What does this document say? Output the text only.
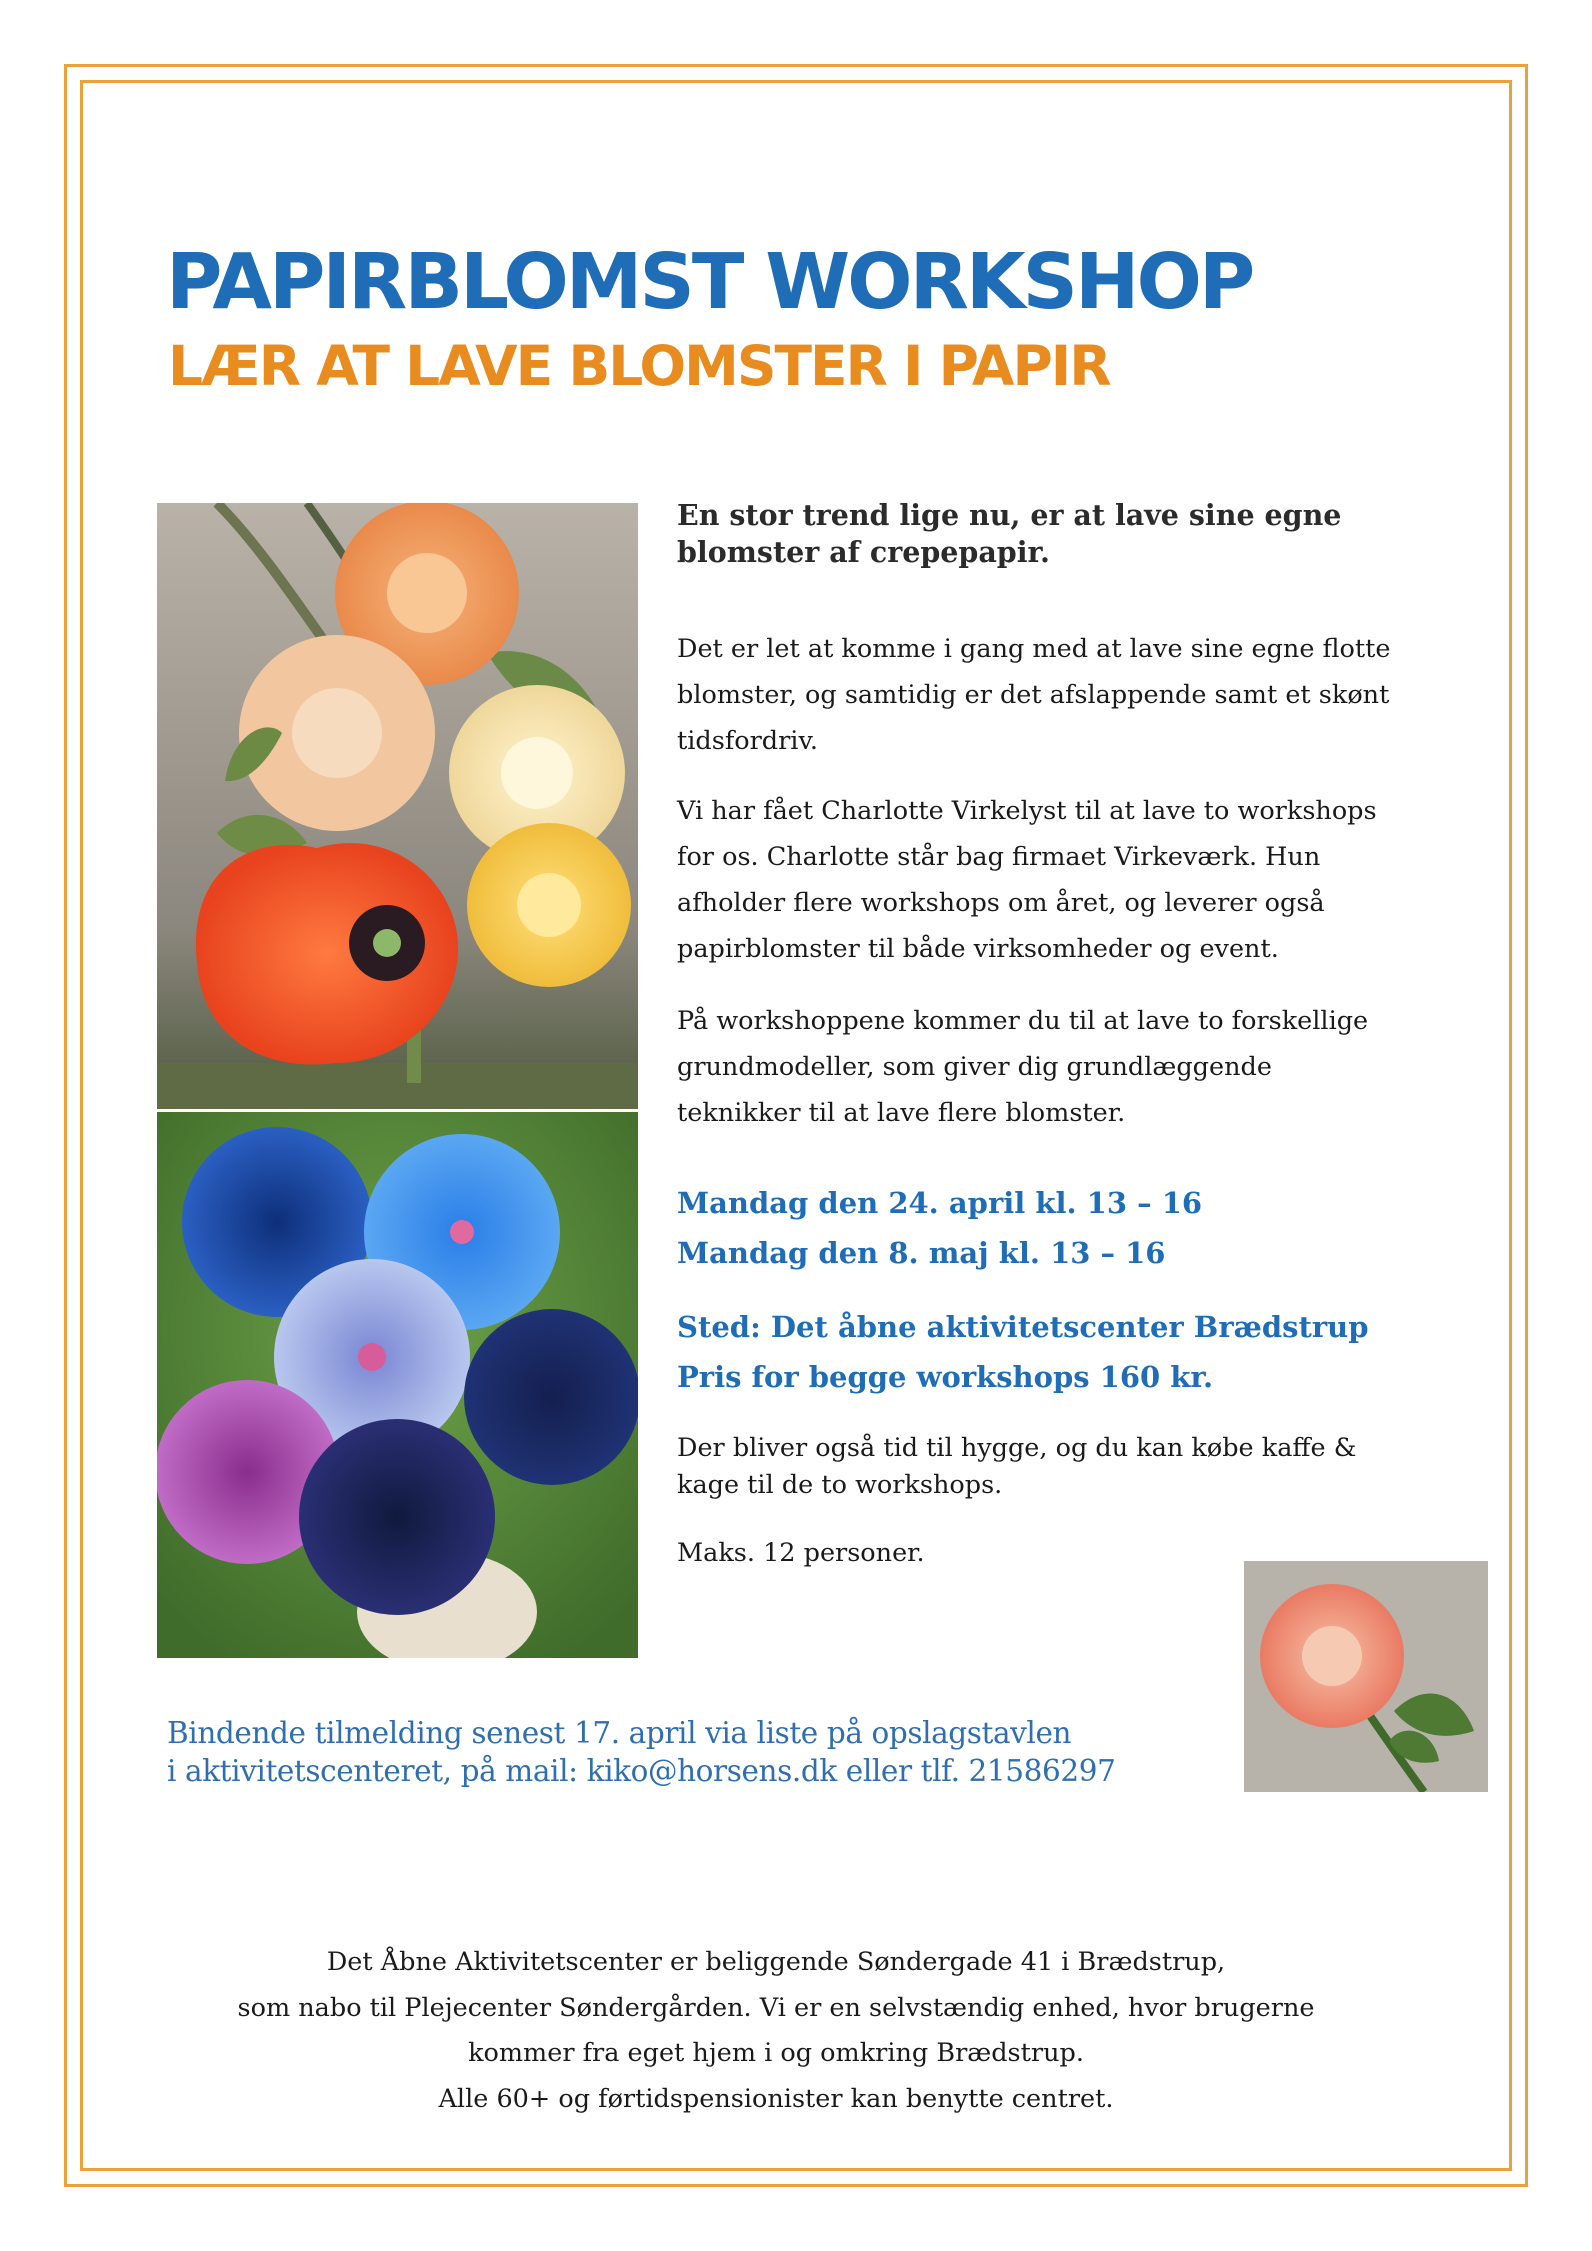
PAPIRBLOMST WORKSHOP
LÆR AT LAVE BLOMSTER I PAPIR
En stor trend lige nu, er at lave sine egne
blomster af crepepapir.
Det er let at komme i gang med at lave sine egne flotte
blomster, og samtidig er det afslappende samt et skønt
tidsfordriv.
Vi har fået Charlotte Virkelyst til at lave to workshops
for os. Charlotte står bag firmaet Virkeværk. Hun
afholder flere workshops om året, og leverer også
papirblomster til både virksomheder og event.
På workshoppene kommer du til at lave to forskellige
grundmodeller, som giver dig grundlæggende
teknikker til at lave flere blomster.
Mandag den 24. april kl. 13 – 16
Mandag den 8. maj kl. 13 – 16
Sted: Det åbne aktivitetscenter Brædstrup
Pris for begge workshops 160 kr.
Der bliver også tid til hygge, og du kan købe kaffe &
kage til de to workshops.
Maks. 12 personer.
Bindende tilmelding senest 17. april via liste på opslagstavlen
i aktivitetscenteret, på mail: kiko@horsens.dk eller tlf. 21586297
Det Åbne Aktivitetscenter er beliggende Søndergade 41 i Brædstrup,
som nabo til Plejecenter Søndergården. Vi er en selvstændig enhed, hvor brugerne
kommer fra eget hjem i og omkring Brædstrup.
Alle 60+ og førtidspensionister kan benytte centret.
